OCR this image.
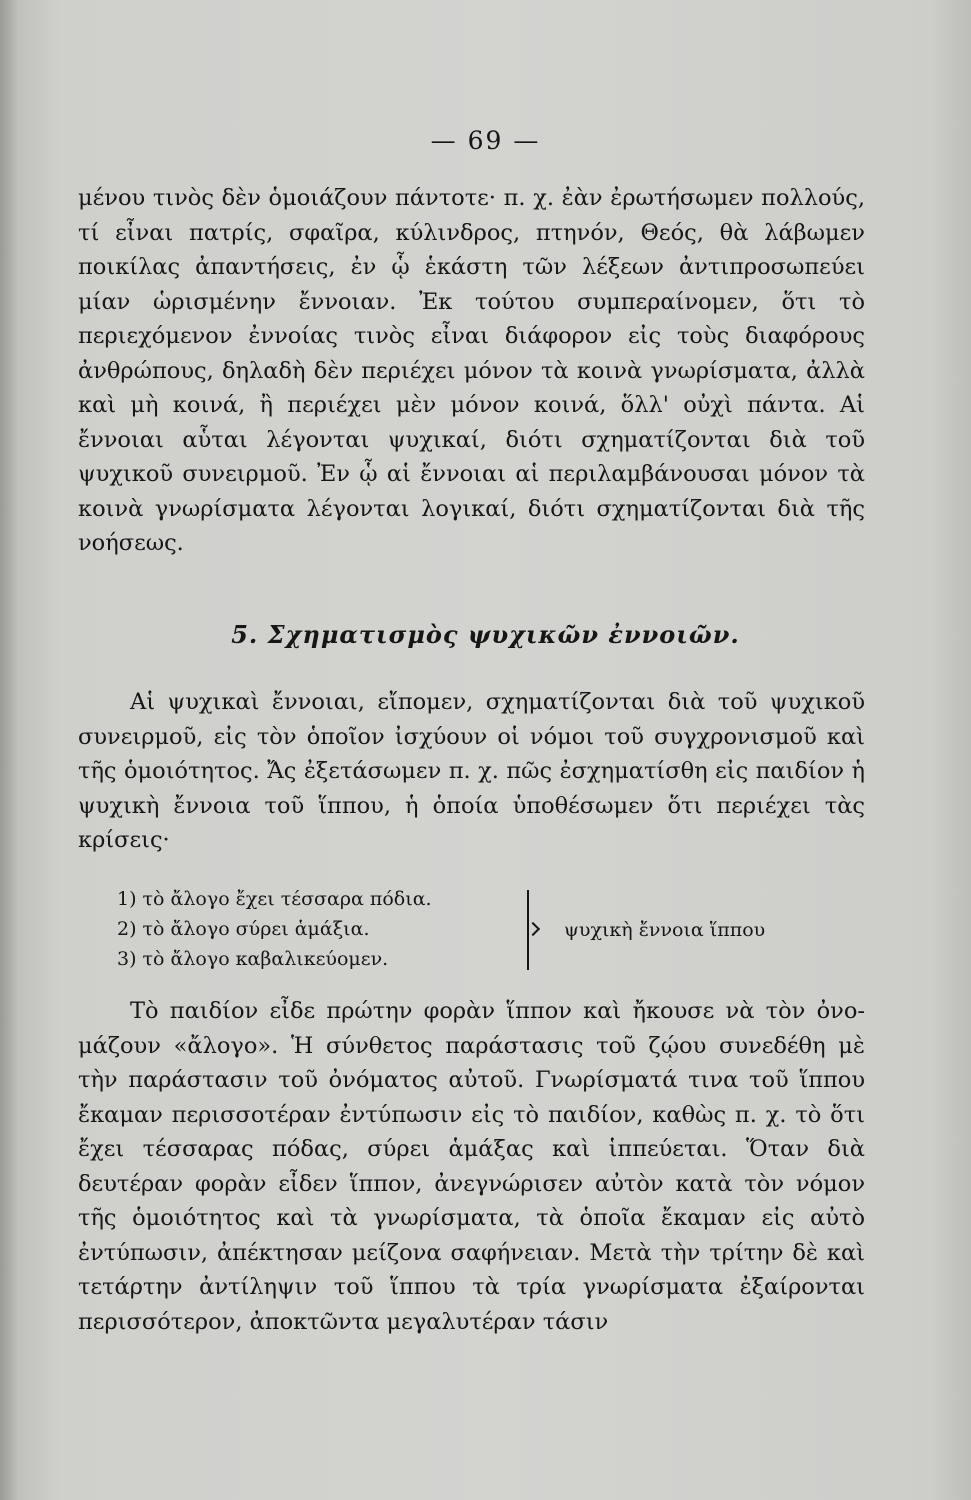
— 69 —

μένου τινὸς δὲν ὁμοιάζουν πάντοτε· π. χ. ἐὰν ἐρωτήσωμεν πολλούς, τί εἶναι πατρίς, σφαῖρα, κύλινδρος, πτηνόν, Θεός, θὰ λάβωμεν ποικίλας ἀπαντήσεις, ἐν ᾧ ἑκάστη τῶν λέξεων ἀντιπροσωπεύει μίαν ὡρισμένην ἔννοιαν. Ἐκ τούτου συμπεραίνομεν, ὅτι τὸ περιεχόμενον ἐννοίας τινὸς εἶναι διάφορον εἰς τοὺς διαφόρους ἀνθρώπους, δηλαδὴ δὲν περιέχει μόνον τὰ κοινὰ γνωρίσματα, ἀλλὰ καὶ μὴ κοινά, ἢ περιέχει μὲν μόνον κοινά, ὅλλ' οὐχὶ πάντα. Αἱ ἔννοιαι αὗται λέγονται ψυχικαί, διότι σχηματίζονται διὰ τοῦ ψυχικοῦ συνειρμοῦ. Ἐν ᾧ αἱ ἔννοιαι αἱ περιλαμβάνουσαι μόνον τὰ κοινὰ γνωρίσματα λέγονται λογικαί, διότι σχηματίζονται διὰ τῆς νοήσεως.

5. Σχηματισμὸς ψυχικῶν ἐννοιῶν.

Αἱ ψυχικαὶ ἔννοιαι, εἴπομεν, σχηματίζονται διὰ τοῦ ψυχικοῦ συνειρμοῦ, εἰς τὸν ὁποῖον ἰσχύουν οἱ νόμοι τοῦ συγχρονισμοῦ καὶ τῆς ὁμοιότητος. Ἄς ἐξετάσωμεν π. χ. πῶς ἐσχηματίσθη εἰς παιδίον ἡ ψυχικὴ ἔννοια τοῦ ἵππου, ἡ ὁποία ὑποθέσωμεν ὅτι περιέχει τὰς κρίσεις·

1) τὸ ἄλογο ἔχει τέσσαρα πόδια.
2) τὸ ἄλογο σύρει ἁμάξια.
3) τὸ ἄλογο καβαλικεύομεν.
ψυχικὴ ἔννοια ἵππου

Τὸ παιδίον εἶδε πρώτην φορὰν ἵππον καὶ ἤκουσε νὰ τὸν ὀνομάζουν «ἄλογο». Ἡ σύνθετος παράστασις τοῦ ζῴου συνεδέθη μὲ τὴν παράστασιν τοῦ ὀνόματος αὐτοῦ. Γνωρίσματά τινα τοῦ ἵππου ἔκαμαν περισσοτέραν ἐντύπωσιν εἰς τὸ παιδίον, καθὼς π. χ. τὸ ὅτι ἔχει τέσσαρας πόδας, σύρει ἁμάξας καὶ ἱππεύεται. Ὅταν διὰ δευτέραν φορὰν εἶδεν ἵππον, ἀνεγνώρισεν αὐτὸν κατὰ τὸν νόμον τῆς ὁμοιότητος καὶ τὰ γνωρίσματα, τὰ ὁποῖα ἔκαμαν εἰς αὐτὸ ἐντύπωσιν, ἀπέκτησαν μείζονα σαφήνειαν. Μετὰ τὴν τρίτην δὲ καὶ τετάρτην ἀντίληψιν τοῦ ἵππου τὰ τρία γνωρίσματα ἐξαίρονται περισσότερον, ἀποκτῶντα μεγαλυτέραν τάσιν
